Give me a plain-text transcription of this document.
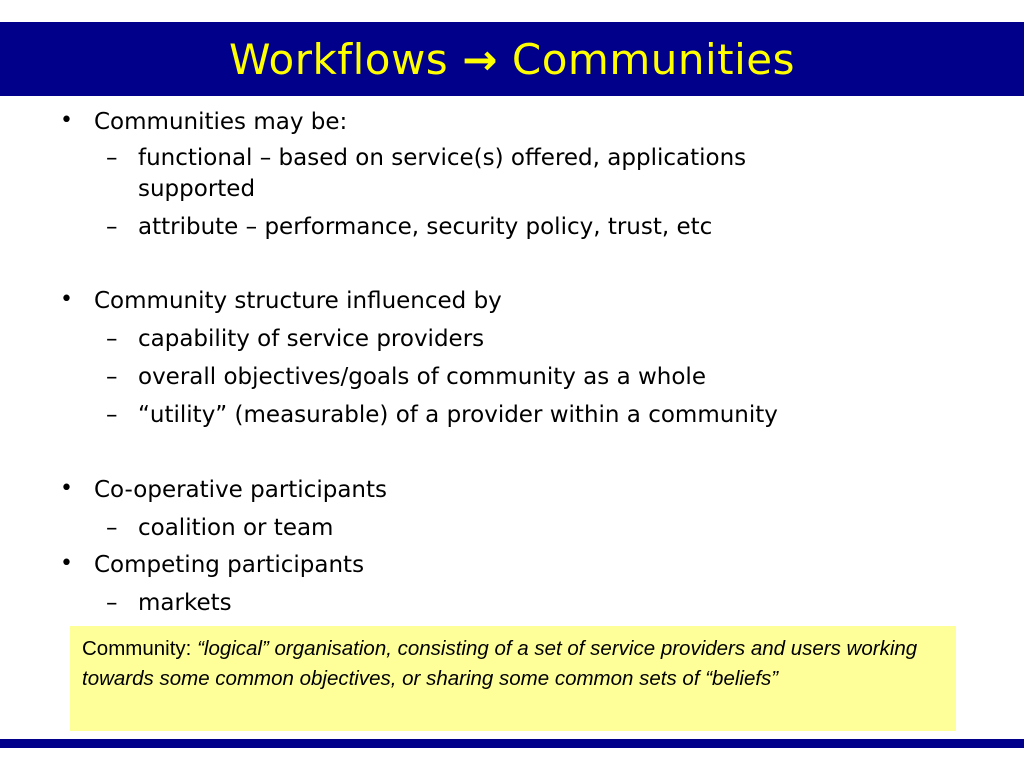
Workflows → Communities
• Communities may be:
– functional – based on service(s) offered, applications
supported
– attribute – performance, security policy, trust, etc
• Community structure influenced by
– capability of service providers
– overall objectives/goals of community as a whole
– “utility” (measurable) of a provider within a community
• Co-operative participants
– coalition or team
• Competing participants
– markets
Community: “logical” organisation, consisting of a set of service providers and users working towards some common objectives, or sharing some common sets of “beliefs”
